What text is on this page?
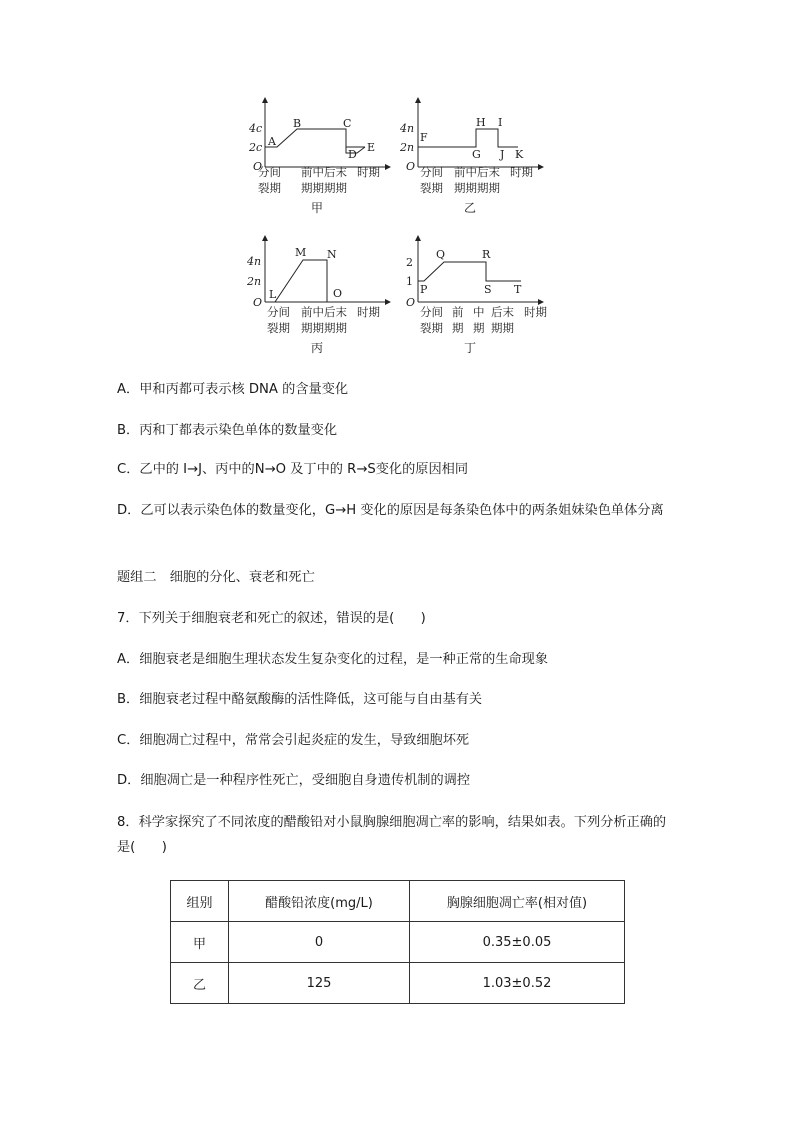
4c
2c
O
A
B	C
D
E
分间 前中后末 时期
裂期 期期期期
甲
4n
2n
O
F
H I
G J K
分间 前中后末 时期
裂期 期期期期
乙
4n
2n
O
L
M N
O
分间 前中后末 时期
裂期 期期期期
丙
2
1
O
P
Q	R
S T
分间 前 中 后末 时期
裂期 期 期 期期
丁
A．甲和丙都可表示核 DNA 的含量变化
B．丙和丁都表示染色单体的数量变化
C．乙中的 I→J、丙中的N→O 及丁中的 R→S变化的原因相同
D．乙可以表示染色体的数量变化，G→H 变化的原因是每条染色体中的两条姐妹染色单体分离
题组二　细胞的分化、衰老和死亡
7．下列关于细胞衰老和死亡的叙述，错误的是(　　)
A．细胞衰老是细胞生理状态发生复杂变化的过程，是一种正常的生命现象
B．细胞衰老过程中酪氨酸酶的活性降低，这可能与自由基有关
C．细胞凋亡过程中，常常会引起炎症的发生，导致细胞坏死
D．细胞凋亡是一种程序性死亡，受细胞自身遗传机制的调控
8．科学家探究了不同浓度的醋酸铅对小鼠胸腺细胞凋亡率的影响，结果如表。下列分析正确的是(　　)
组别	醋酸铅浓度(mg/L)	胸腺细胞凋亡率(相对值)
甲	0	0.35±0.05
乙	125	1.03±0.52
